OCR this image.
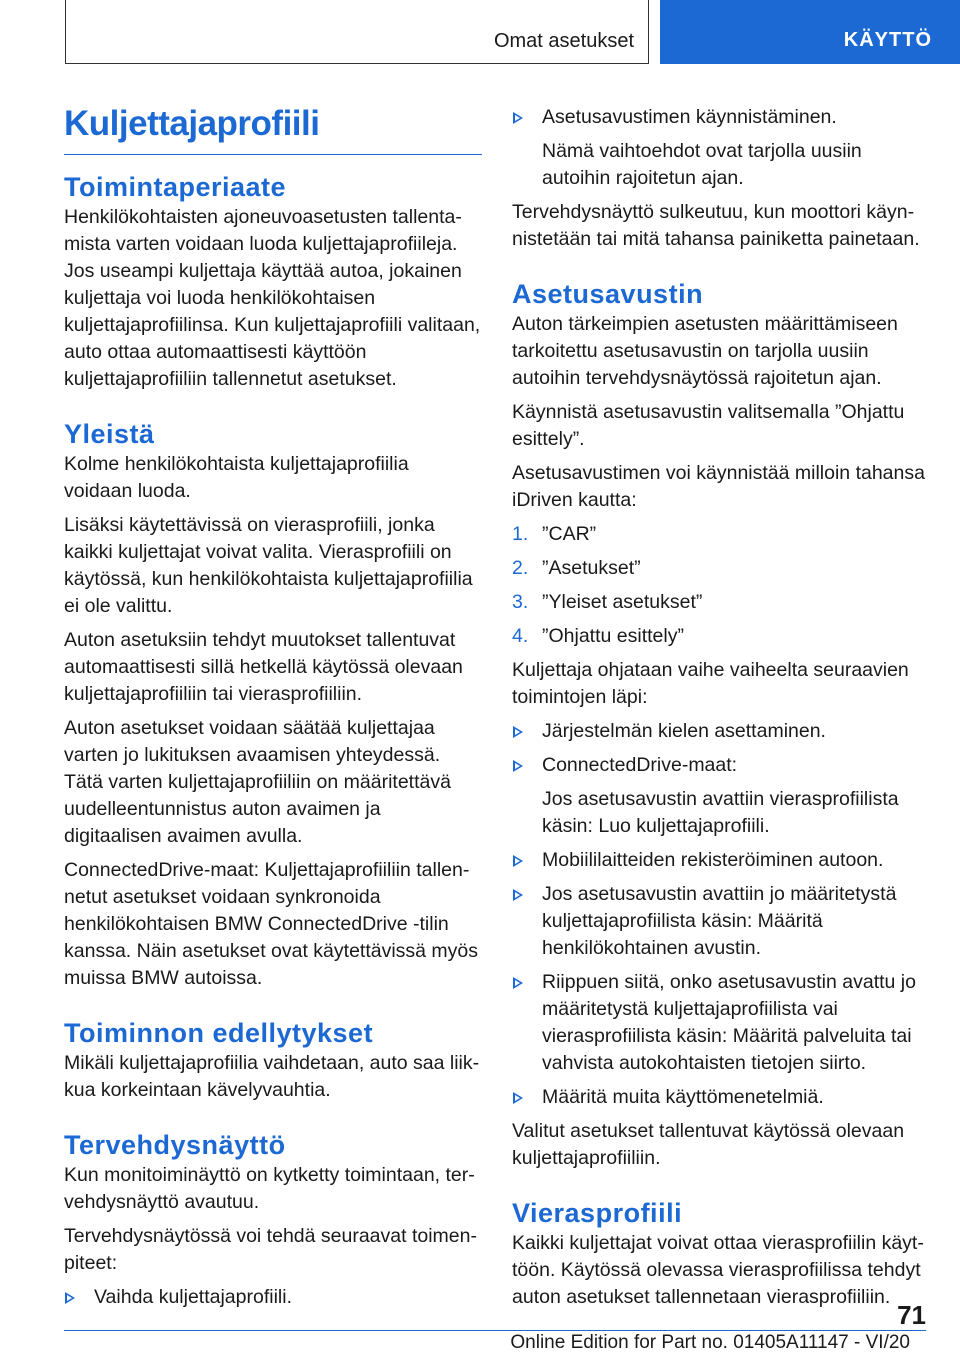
Omat asetukset	KÄYTTÖ
Kuljettajaprofiili
Toimintaperiaate

Henkilökohtaisten ajoneuvoasetusten tallentamista varten voidaan luoda kuljettajaprofiileja. Jos useampi kuljettaja käyttää autoa, jokainen kuljettaja voi luoda henkilökohtaisen kuljettajaprofiilinsa. Kun kuljettajaprofiili valitaan, auto ottaa automaattisesti käyttöön kuljettajaprofiiliin tallennetut asetukset.

Yleistä

Kolme henkilökohtaista kuljettajaprofiilia voidaan luoda.

Lisäksi käytettävissä on vierasprofiili, jonka kaikki kuljettajat voivat valita. Vierasprofiili on käytössä, kun henkilökohtaista kuljettajaprofiilia ei ole valittu.

Auton asetuksiin tehdyt muutokset tallentuvat automaattisesti sillä hetkellä käytössä olevaan kuljettajaprofiiliin tai vierasprofiiliin.

Auton asetukset voidaan säätää kuljettajaa varten jo lukituksen avaamisen yhteydessä. Tätä varten kuljettajaprofiiliin on määritettävä uudelleentunnistus auton avaimen ja digitaalisen avaimen avulla.

ConnectedDrive-maat: Kuljettajaprofiiliin tallennetut asetukset voidaan synkronoida henkilökohtaisen BMW ConnectedDrive -tilin kanssa. Näin asetukset ovat käytettävissä myös muissa BMW autoissa.

Toiminnon edellytykset

Mikäli kuljettajaprofiilia vaihdetaan, auto saa liikkua korkeintaan kävelyvauhtia.

Tervehdysnäyttö

Kun monitoiminäyttö on kytketty toimintaan, tervehdysnäyttö avautuu.

Tervehdysnäytössä voi tehdä seuraavat toimenpiteet:

Vaihda kuljettajaprofiili.
Asetusavustimen käynnistäminen.

Nämä vaihtoehdot ovat tarjolla uusiin autoihin rajoitetun ajan.

Tervehdysnäyttö sulkeutuu, kun moottori käynnistetään tai mitä tahansa painiketta painetaan.

Asetusavustin

Auton tärkeimpien asetusten määrittämiseen tarkoitettu asetusavustin on tarjolla uusiin autoihin tervehdysnäytössä rajoitetun ajan.

Käynnistä asetusavustin valitsemalla ”Ohjattu esittely”.

Asetusavustimen voi käynnistää milloin tahansa iDriven kautta:

1. ”CAR”
2. ”Asetukset”
3. ”Yleiset asetukset”
4. ”Ohjattu esittely”

Kuljettaja ohjataan vaihe vaiheelta seuraavien toimintojen läpi:

Järjestelmän kielen asettaminen.
ConnectedDrive-maat:

Jos asetusavustin avattiin vierasprofiilista käsin: Luo kuljettajaprofiili.

Mobiililaitteiden rekisteröiminen autoon.
Jos asetusavustin avattiin jo määritetystä kuljettajaprofiilista käsin: Määritä henkilökohtainen avustin.
Riippuen siitä, onko asetusavustin avattu jo määritetystä kuljettajaprofiilista vai vierasprofiilista käsin: Määritä palveluita tai vahvista autokohtaisten tietojen siirto.
Määritä muita käyttömenetelmiä.

Valitut asetukset tallentuvat käytössä olevaan kuljettajaprofiiliin.

Vierasprofiili

Kaikki kuljettajat voivat ottaa vierasprofiilin käyttöön. Käytössä olevassa vierasprofiilissa tehdyt auton asetukset tallennetaan vierasprofiiliin.

71
Online Edition for Part no. 01405A11147 - VI/20
